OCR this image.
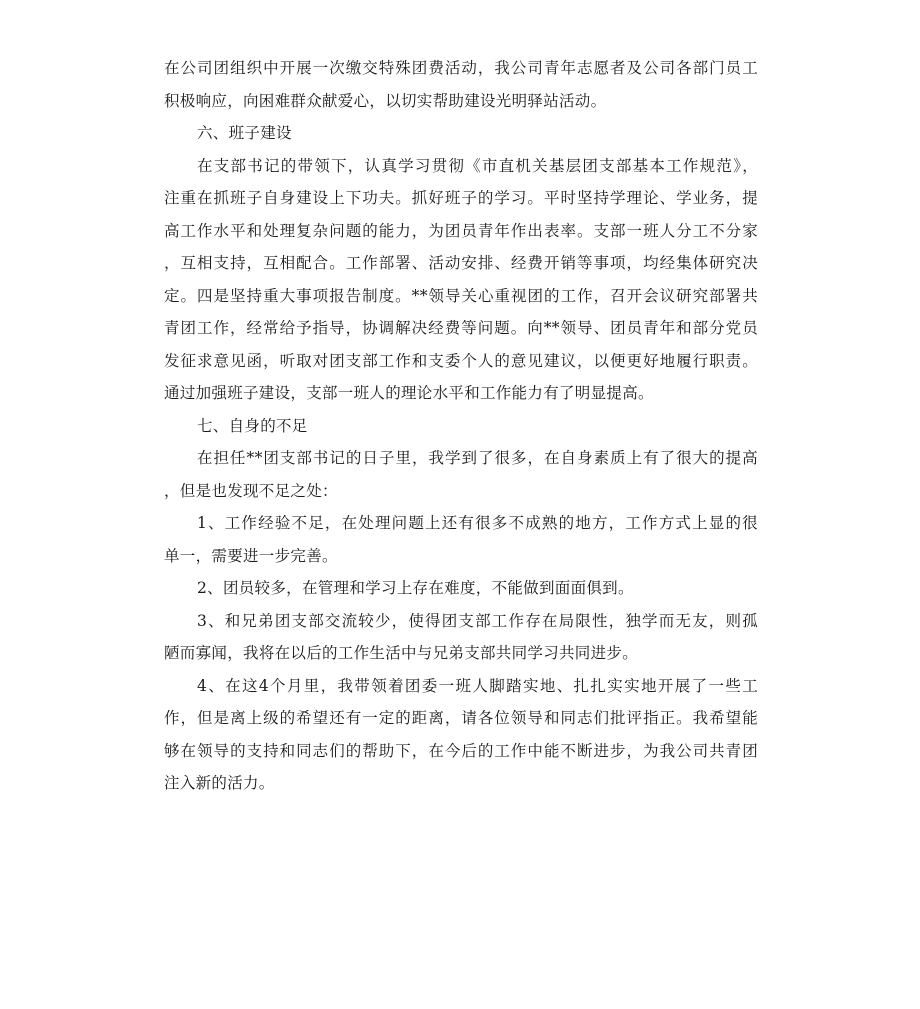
在公司团组织中开展一次缴交特殊团费活动，我公司青年志愿者及公司各部门员工
积极响应，向困难群众献爱心，以切实帮助建设光明驿站活动。
六、班子建设
在支部书记的带领下，认真学习贯彻《市直机关基层团支部基本工作规范》，
注重在抓班子自身建设上下功夫。抓好班子的学习。平时坚持学理论、学业务，提
高工作水平和处理复杂问题的能力，为团员青年作出表率。支部一班人分工不分家
，互相支持，互相配合。工作部署、活动安排、经费开销等事项，均经集体研究决
定。四是坚持重大事项报告制度。**领导关心重视团的工作，召开会议研究部署共
青团工作，经常给予指导，协调解决经费等问题。向**领导、团员青年和部分党员
发征求意见函，听取对团支部工作和支委个人的意见建议，以便更好地履行职责。
通过加强班子建设，支部一班人的理论水平和工作能力有了明显提高。
七、自身的不足
在担任**团支部书记的日子里，我学到了很多，在自身素质上有了很大的提高
，但是也发现不足之处：
1、工作经验不足，在处理问题上还有很多不成熟的地方，工作方式上显的很
单一，需要进一步完善。
2、团员较多，在管理和学习上存在难度，不能做到面面俱到。
3、和兄弟团支部交流较少，使得团支部工作存在局限性，独学而无友，则孤
陋而寡闻，我将在以后的工作生活中与兄弟支部共同学习共同进步。
4、在这4个月里，我带领着团委一班人脚踏实地、扎扎实实地开展了一些工
作，但是离上级的希望还有一定的距离，请各位领导和同志们批评指正。我希望能
够在领导的支持和同志们的帮助下，在今后的工作中能不断进步，为我公司共青团
注入新的活力。
